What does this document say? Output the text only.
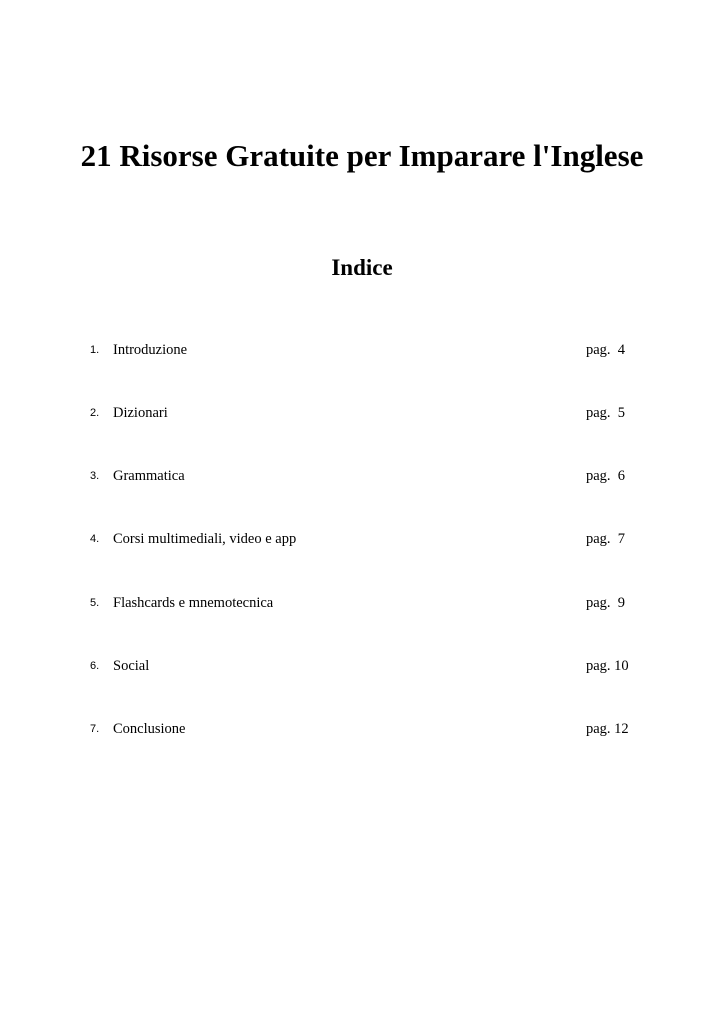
21 Risorse Gratuite per Imparare l'Inglese
Indice
1. Introduzione	pag.  4
2. Dizionari	pag.  5
3. Grammatica	pag.  6
4. Corsi multimediali, video e app	pag.  7
5. Flashcards e mnemotecnica	pag.  9
6. Social	pag. 10
7. Conclusione	pag. 12
